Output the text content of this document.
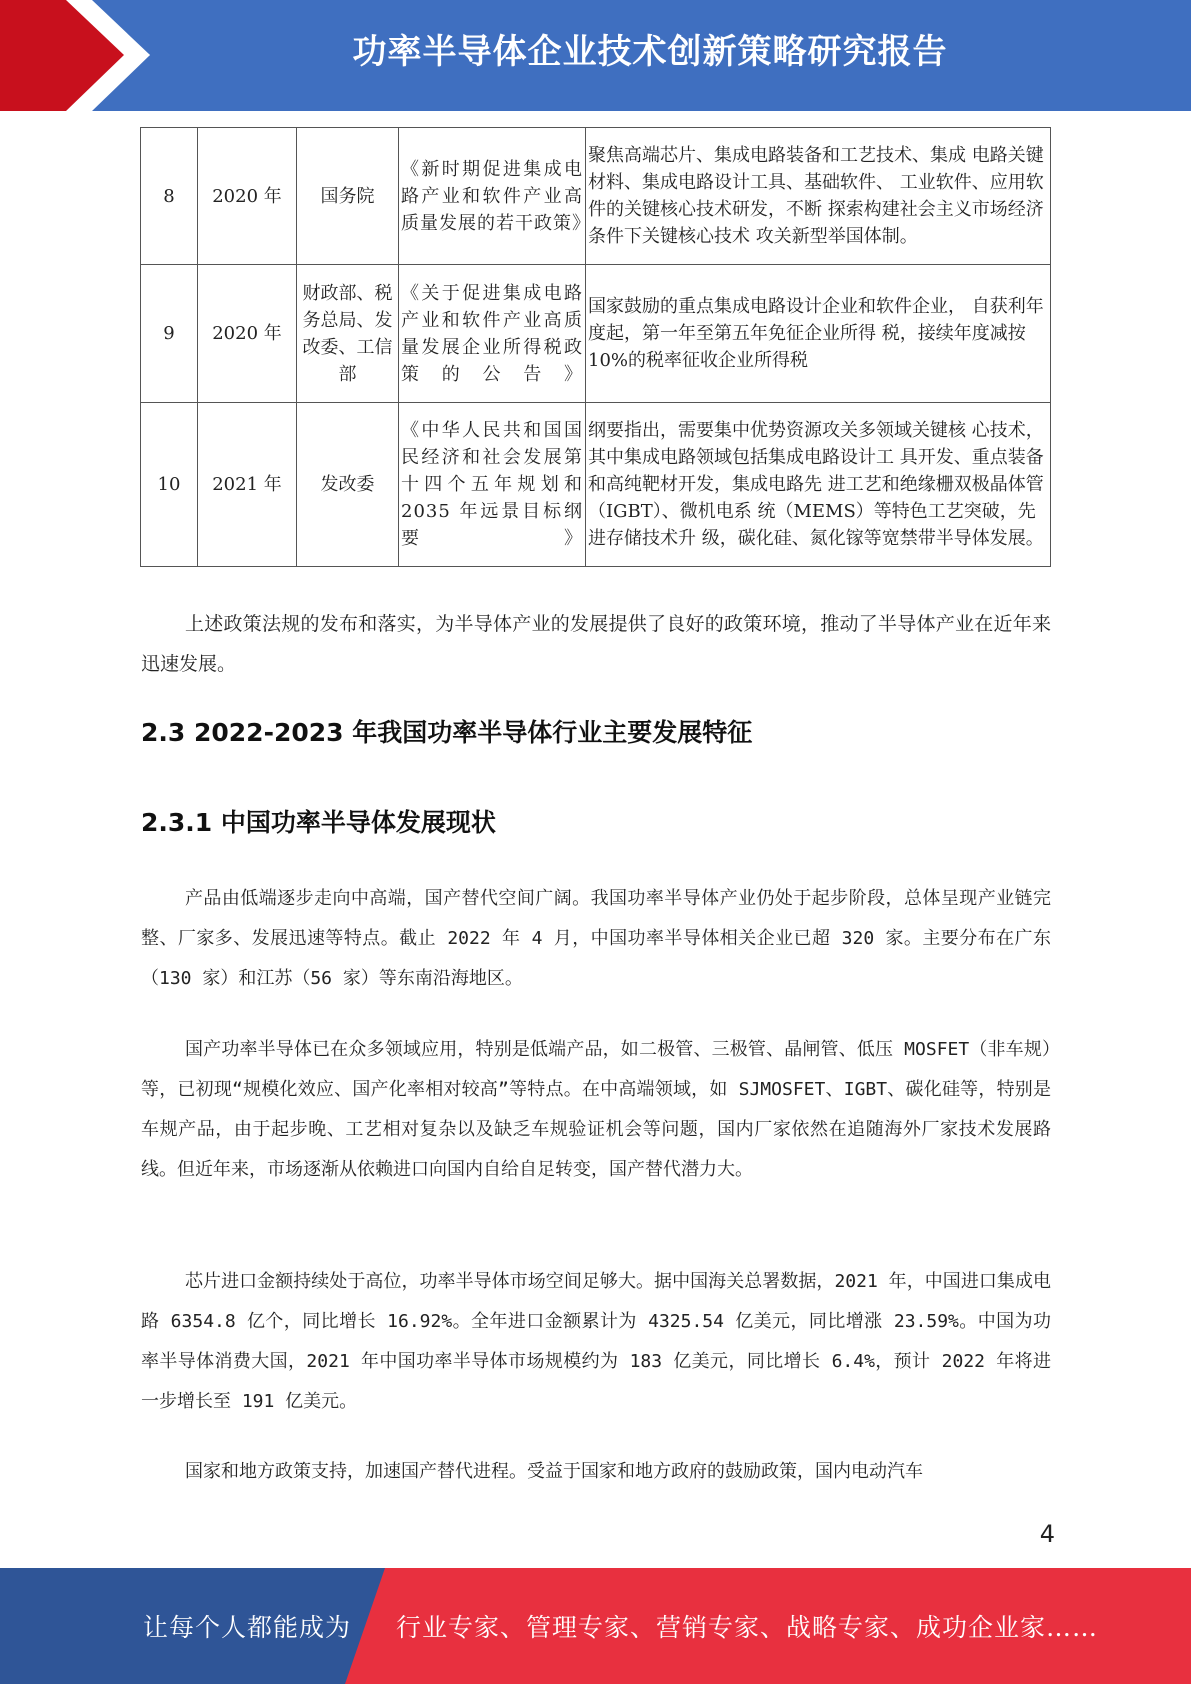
功率半导体企业技术创新策略研究报告
8	2020 年	国务院	《新时期促进集成电路产业和软件产业高质量发展的若干政策》	聚焦高端芯片、集成电路装备和工艺技术、集成 电路关键材料、集成电路设计工具、基础软件、 工业软件、应用软件的关键核心技术研发，不断 探索构建社会主义市场经济条件下关键核心技术 攻关新型举国体制。
9	2020 年	财政部、税务总局、发改委、工信部	《关于促进集成电路产业和软件产业高质量发展企业所得税政策的公告》	国家鼓励的重点集成电路设计企业和软件企业， 自获利年度起，第一年至第五年免征企业所得 税，接续年度减按 10%的税率征收企业所得税
10	2021 年	发改委	《中华人民共和国国民经济和社会发展第十四个五年规划和 2035 年远景目标纲要》	纲要指出，需要集中优势资源攻关多领域关键核 心技术，其中集成电路领域包括集成电路设计工 具开发、重点装备和高纯靶材开发，集成电路先 进工艺和绝缘栅双极晶体管（IGBT）、微机电系 统（MEMS）等特色工艺突破，先进存储技术升 级，碳化硅、氮化镓等宽禁带半导体发展。
上述政策法规的发布和落实，为半导体产业的发展提供了良好的政策环境，推动了半导体产业在近年来迅速发展。
2.3 2022-2023 年我国功率半导体行业主要发展特征
2.3.1 中国功率半导体发展现状
产品由低端逐步走向中高端，国产替代空间广阔。我国功率半导体产业仍处于起步阶段，总体呈现产业链完整、厂家多、发展迅速等特点。截止 2022 年 4 月，中国功率半导体相关企业已超 320 家。主要分布在广东（130 家）和江苏（56 家）等东南沿海地区。
国产功率半导体已在众多领域应用，特别是低端产品，如二极管、三极管、晶闸管、低压 MOSFET（非车规）等，已初现“规模化效应、国产化率相对较高”等特点。在中高端领域，如 SJMOSFET、IGBT、碳化硅等，特别是车规产品，由于起步晚、工艺相对复杂以及缺乏车规验证机会等问题，国内厂家依然在追随海外厂家技术发展路线。但近年来，市场逐渐从依赖进口向国内自给自足转变，国产替代潜力大。
芯片进口金额持续处于高位，功率半导体市场空间足够大。据中国海关总署数据，2021 年，中国进口集成电路 6354.8 亿个，同比增长 16.92%。全年进口金额累计为 4325.54 亿美元，同比增涨 23.59%。中国为功率半导体消费大国，2021 年中国功率半导体市场规模约为 183 亿美元，同比增长 6.4%，预计 2022 年将进一步增长至 191 亿美元。
国家和地方政策支持，加速国产替代进程。受益于国家和地方政府的鼓励政策，国内电动汽车
4
让每个人都能成为 行业专家、管理专家、营销专家、战略专家、成功企业家……
